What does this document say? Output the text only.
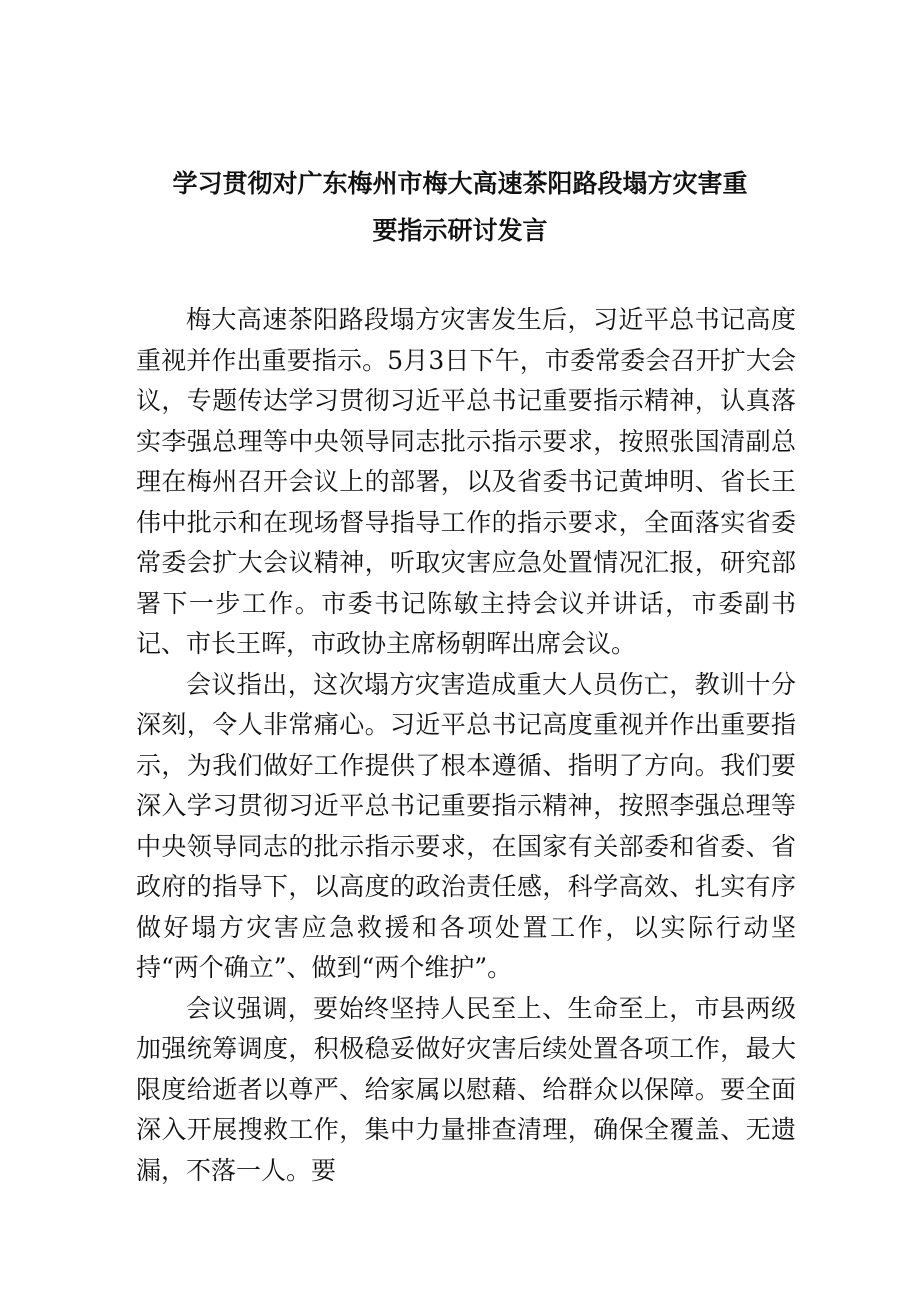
学习贯彻对广东梅州市梅大高速茶阳路段塌方灾害重
要指示研讨发言

梅大高速茶阳路段塌方灾害发生后，习近平总书记高度重视并作出重要指示。5月3日下午，市委常委会召开扩大会议，专题传达学习贯彻习近平总书记重要指示精神，认真落实李强总理等中央领导同志批示指示要求，按照张国清副总理在梅州召开会议上的部署，以及省委书记黄坤明、省长王伟中批示和在现场督导指导工作的指示要求，全面落实省委常委会扩大会议精神，听取灾害应急处置情况汇报，研究部署下一步工作。市委书记陈敏主持会议并讲话，市委副书记、市长王晖，市政协主席杨朝晖出席会议。

会议指出，这次塌方灾害造成重大人员伤亡，教训十分深刻，令人非常痛心。习近平总书记高度重视并作出重要指示，为我们做好工作提供了根本遵循、指明了方向。我们要深入学习贯彻习近平总书记重要指示精神，按照李强总理等中央领导同志的批示指示要求，在国家有关部委和省委、省政府的指导下，以高度的政治责任感，科学高效、扎实有序做好塌方灾害应急救援和各项处置工作，以实际行动坚持“两个确立”、做到“两个维护”。

会议强调，要始终坚持人民至上、生命至上，市县两级加强统筹调度，积极稳妥做好灾害后续处置各项工作，最大限度给逝者以尊严、给家属以慰藉、给群众以保障。要全面深入开展搜救工作，集中力量排查清理，确保全覆盖、无遗漏，不落一人。要
